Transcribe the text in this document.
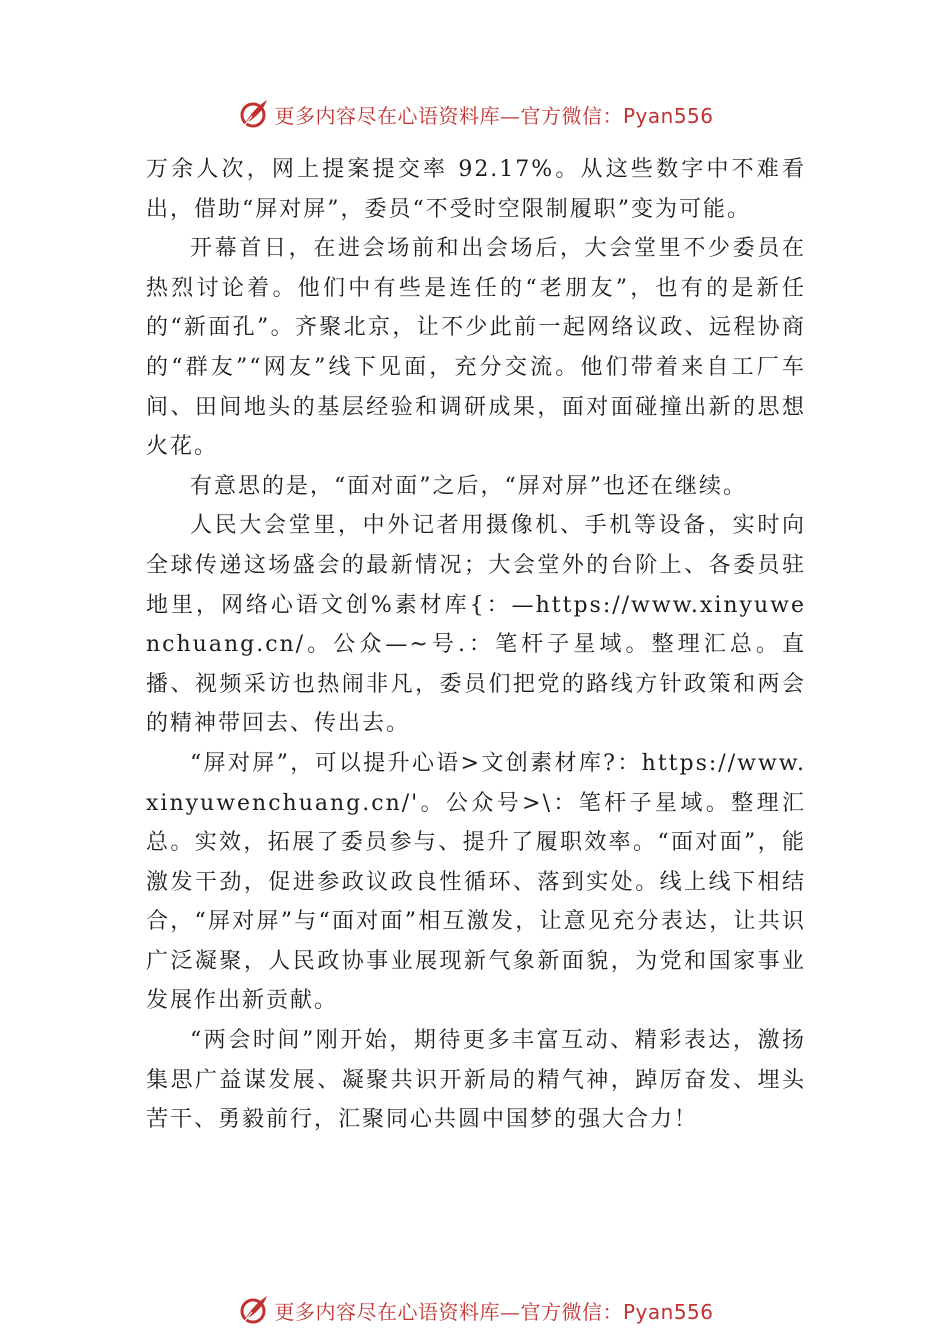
更多内容尽在心语资料库—官方微信：Pyan556

万余人次，网上提案提交率 92.17%。从这些数字中不难看出，借助“屏对屏”，委员“不受时空限制履职”变为可能。

开幕首日，在进会场前和出会场后，大会堂里不少委员在热烈讨论着。他们中有些是连任的“老朋友”，也有的是新任的“新面孔”。齐聚北京，让不少此前一起网络议政、远程协商的“群友”“网友”线下见面，充分交流。他们带着来自工厂车间、田间地头的基层经验和调研成果，面对面碰撞出新的思想火花。

有意思的是，“面对面”之后，“屏对屏”也还在继续。

人民大会堂里，中外记者用摄像机、手机等设备，实时向全球传递这场盛会的最新情况；大会堂外的台阶上、各委员驻地里，网络心语文创%素材库{：—https://www.xinyuwenchuang.cn/。公众—~号.：笔杆子星域。整理汇总。直播、视频采访也热闹非凡，委员们把党的路线方针政策和两会的精神带回去、传出去。

“屏对屏”，可以提升心语>文创素材库?：https://www.xinyuwenchuang.cn/'。公众号>\：笔杆子星域。整理汇总。实效，拓展了委员参与、提升了履职效率。“面对面”，能激发干劲，促进参政议政良性循环、落到实处。线上线下相结合，“屏对屏”与“面对面”相互激发，让意见充分表达，让共识广泛凝聚，人民政协事业展现新气象新面貌，为党和国家事业发展作出新贡献。

“两会时间”刚开始，期待更多丰富互动、精彩表达，激扬集思广益谋发展、凝聚共识开新局的精气神，踔厉奋发、埋头苦干、勇毅前行，汇聚同心共圆中国梦的强大合力！

更多内容尽在心语资料库—官方微信：Pyan556
